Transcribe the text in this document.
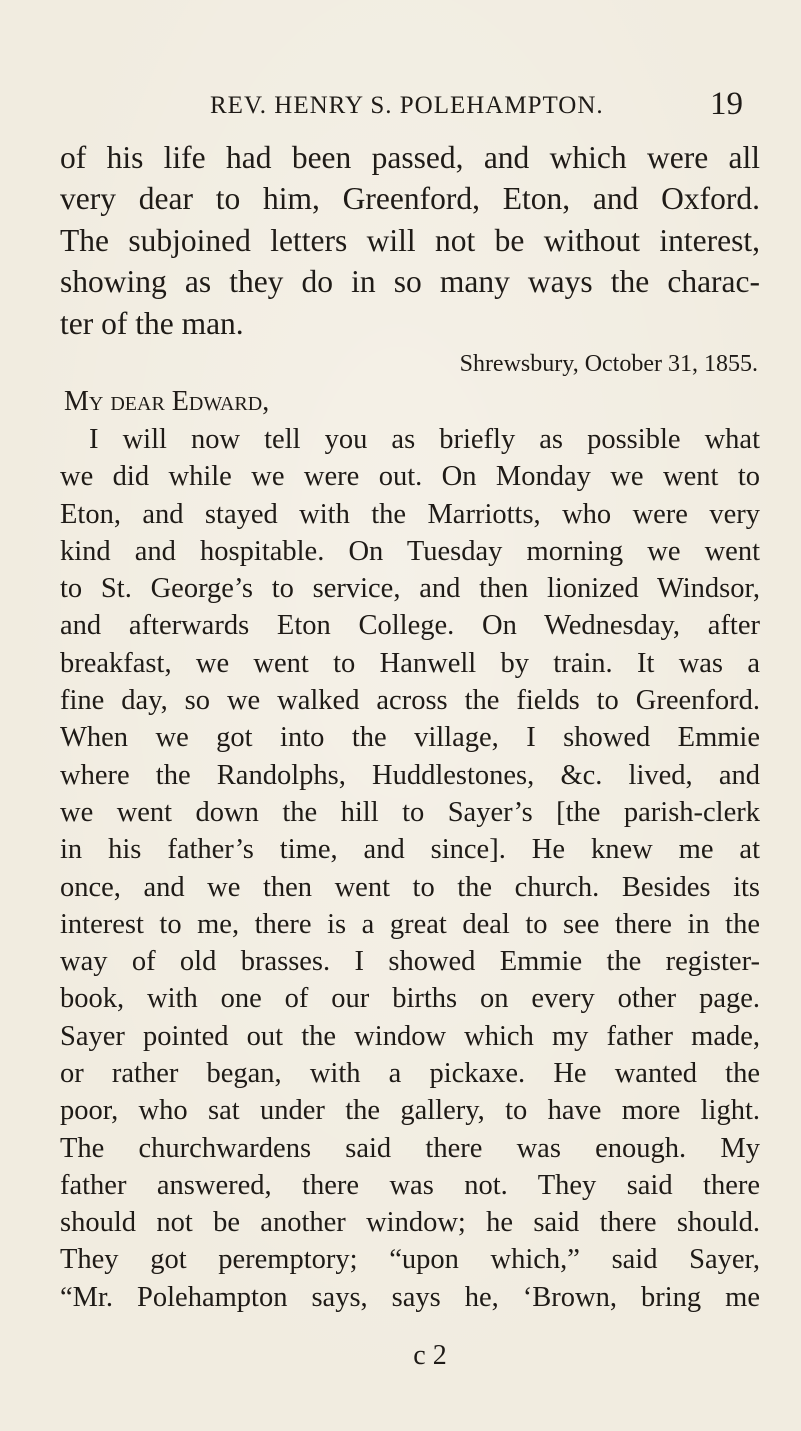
REV. HENRY S. POLEHAMPTON.	19
of his life had been passed, and which were all
very dear to him, Greenford, Eton, and Oxford.
The subjoined letters will not be without interest,
showing as they do in so many ways the charac-
ter of the man.
Shrewsbury, October 31, 1855.
My dear Edward,
I will now tell you as briefly as possible what
we did while we were out. On Monday we went to
Eton, and stayed with the Marriotts, who were very
kind and hospitable. On Tuesday morning we went
to St. George’s to service, and then lionized Windsor,
and afterwards Eton College. On Wednesday, after
breakfast, we went to Hanwell by train. It was a
fine day, so we walked across the fields to Greenford.
When we got into the village, I showed Emmie
where the Randolphs, Huddlestones, &c. lived, and
we went down the hill to Sayer’s [the parish-clerk
in his father’s time, and since]. He knew me at
once, and we then went to the church. Besides its
interest to me, there is a great deal to see there in the
way of old brasses. I showed Emmie the register-
book, with one of our births on every other page.
Sayer pointed out the window which my father made,
or rather began, with a pickaxe. He wanted the
poor, who sat under the gallery, to have more light.
The churchwardens said there was enough. My
father answered, there was not. They said there
should not be another window; he said there should.
They got peremptory; “upon which,” said Sayer,
“Mr. Polehampton says, says he, ‘Brown, bring me
c 2
